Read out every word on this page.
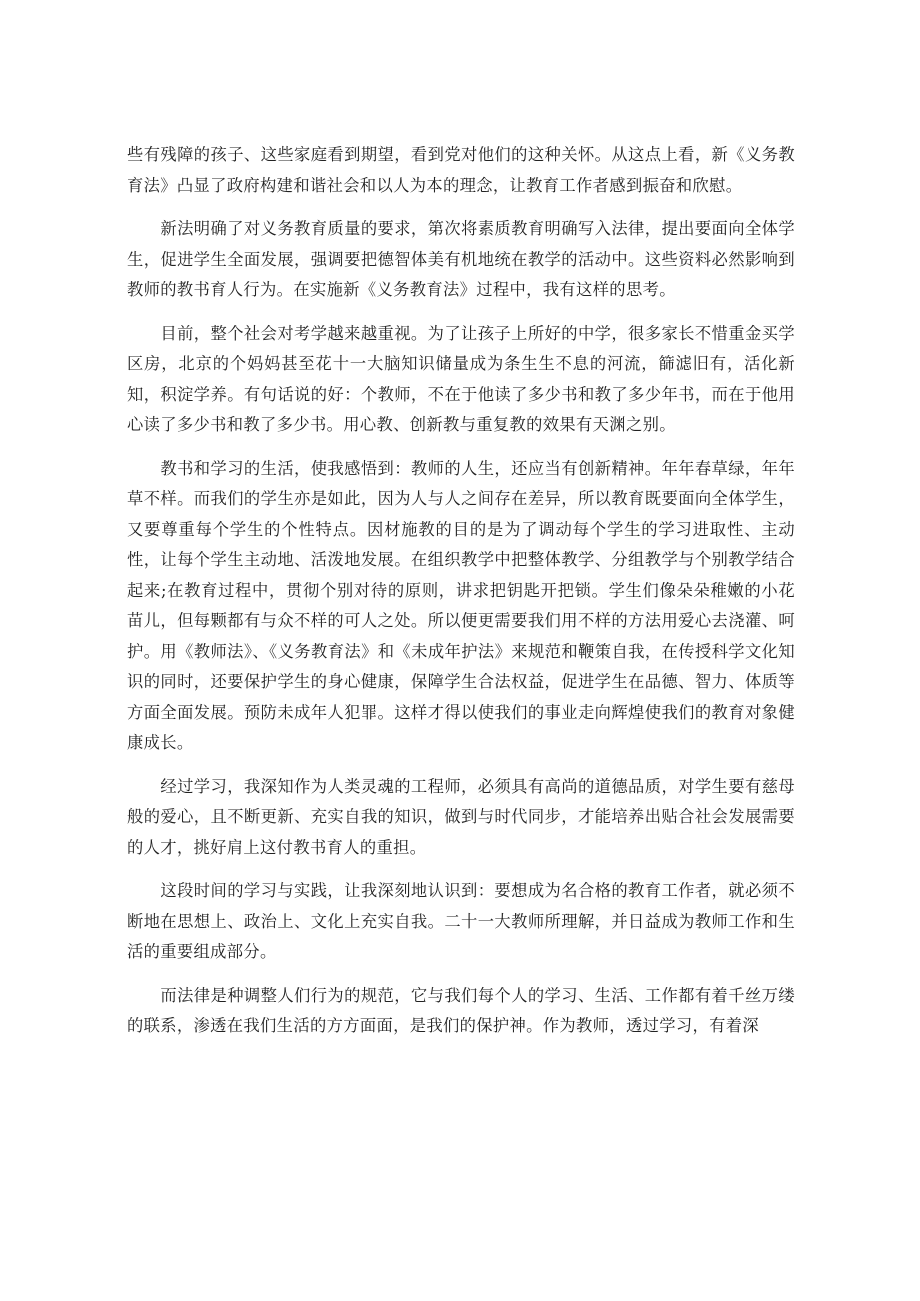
些有残障的孩子、这些家庭看到期望，看到党对他们的这种关怀。从这点上看，新《义务教育法》凸显了政府构建和谐社会和以人为本的理念，让教育工作者感到振奋和欣慰。

新法明确了对义务教育质量的要求，第次将素质教育明确写入法律，提出要面向全体学生，促进学生全面发展，强调要把德智体美有机地统在教学的活动中。这些资料必然影响到教师的教书育人行为。在实施新《义务教育法》过程中，我有这样的思考。

目前，整个社会对考学越来越重视。为了让孩子上所好的中学，很多家长不惜重金买学区房，北京的个妈妈甚至花十一大脑知识储量成为条生生不息的河流，篩滤旧有，活化新知，积淀学养。有句话说的好：个教师，不在于他读了多少书和教了多少年书，而在于他用心读了多少书和教了多少书。用心教、创新教与重复教的效果有天渊之别。

教书和学习的生活，使我感悟到：教师的人生，还应当有创新精神。年年春草绿，年年草不样。而我们的学生亦是如此，因为人与人之间存在差异，所以教育既要面向全体学生，又要尊重每个学生的个性特点。因材施教的目的是为了调动每个学生的学习进取性、主动性，让每个学生主动地、活泼地发展。在组织教学中把整体教学、分组教学与个别教学结合起来;在教育过程中，贯彻个别对待的原则，讲求把钥匙开把锁。学生们像朵朵稚嫩的小花苗儿，但每颗都有与众不样的可人之处。所以便更需要我们用不样的方法用爱心去浇灌、呵护。用《教师法》、《义务教育法》和《未成年护法》来规范和鞭策自我，在传授科学文化知识的同时，还要保护学生的身心健康，保障学生合法权益，促进学生在品德、智力、体质等方面全面发展。预防未成年人犯罪。这样才得以使我们的事业走向辉煌使我们的教育对象健康成长。

经过学习，我深知作为人类灵魂的工程师，必须具有高尚的道德品质，对学生要有慈母般的爱心，且不断更新、充实自我的知识，做到与时代同步，才能培养出贴合社会发展需要的人才，挑好肩上这付教书育人的重担。

这段时间的学习与实践，让我深刻地认识到：要想成为名合格的教育工作者，就必须不断地在思想上、政治上、文化上充实自我。二十一大教师所理解，并日益成为教师工作和生活的重要组成部分。

而法律是种调整人们行为的规范，它与我们每个人的学习、生活、工作都有着千丝万缕的联系，渗透在我们生活的方方面面，是我们的保护神。作为教师，透过学习，有着深
